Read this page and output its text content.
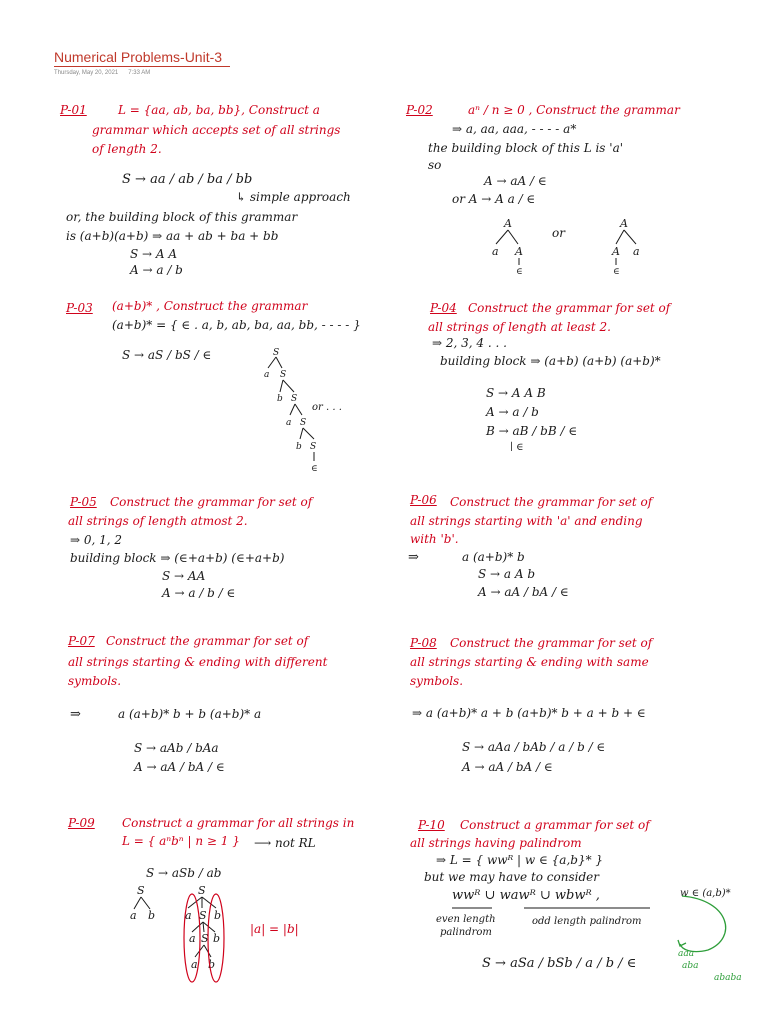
Numerical Problems-Unit-3
Thursday, May 20, 2021 7:33 AM
P-01	L = {aa, ab, ba, bb}, Construct a
grammar which accepts set of all strings
of length 2.
S → aa / ab / ba / bb
↳ simple approach
or, the building block of this grammar
is (a+b)(a+b) ⇒ aa + ab + ba + bb
S → A A
A → a / b
P-02	aⁿ / n ≥ 0 , Construct the grammar
⇒ a, aa, aaa, - - - - a*
the building block of this L is 'a'
so
A → aA / ∈
or A → A a / ∈
A
a A
∈
or
A
A a
∈
P-03 (a+b)* , Construct the grammar
(a+b)* = { ∈ . a, b, ab, ba, aa, bb, - - - - }
S → aS / bS / ∈	S
a S
b S
a S
b S
∈
or . . .
P-04 Construct the grammar for set of
all strings of length at least 2.
⇒ 2, 3, 4 . . .
building block ⇒ (a+b) (a+b) (a+b)*
S → A A B
A → a / b
B → aB / bB / ∈
∣ ∈
P-05 Construct the grammar for set of
all strings of length atmost 2.
⇒ 0, 1, 2
building block ⇒ (∈+a+b) (∈+a+b)
S → AA
A → a / b / ∈
P-06 Construct the grammar for set of
all strings starting with 'a' and ending
with 'b'.
⇒	a (a+b)* b
S → a A b
A → aA / bA / ∈
P-07 Construct the grammar for set of
all strings starting & ending with different
symbols.
⇒	a (a+b)* b + b (a+b)* a
S → aAb / bAa
A → aA / bA / ∈
P-08 Construct the grammar for set of
all strings starting & ending with same
symbols.
⇒ a (a+b)* a + b (a+b)* b + a + b + ∈
S → aAa / bAb / a / b / ∈
A → aA / bA / ∈
P-09 Construct a grammar for all strings in
L = { aⁿbⁿ | n ≥ 1 } ⟶ not RL
S → aSb / ab
S
a b
S
a S b
a S b
a b
|a| = |b|
P-10 Construct a grammar for set of
all strings having palindrom
⇒ L = { wwᴿ | w ∈ {a,b}* }
but we may have to consider
wwᴿ ∪ wawᴿ ∪ wbwᴿ ,	w ∈ (a,b)*
even length
palindrom
odd length palindrom
aaa
aba
ababa
S → aSa / bSb / a / b / ∈
